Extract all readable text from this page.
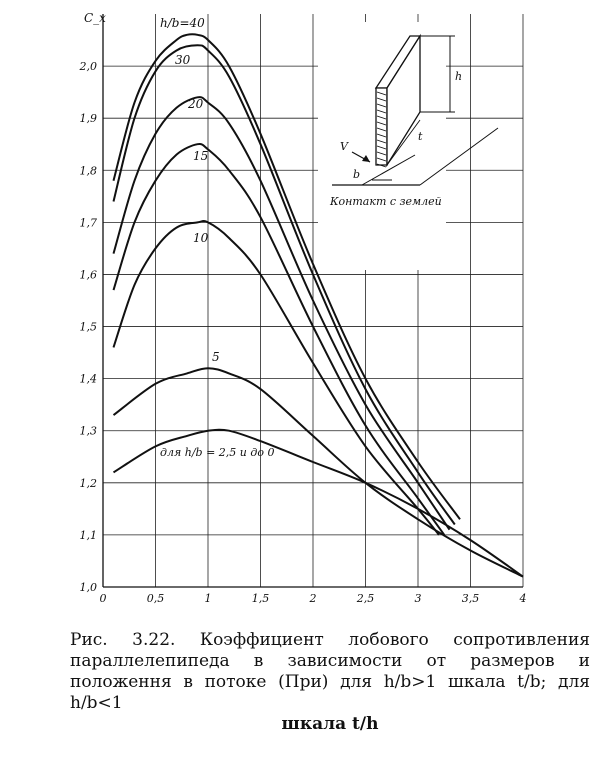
0	0,5	1	1,5	2	2,5	3	3,5	4
1,0
1,1
1,2
1,3
1,4
1,5
1,6
1,7
1,8
1,9
2,0
C_x	h/b=40
30
20
15
10
5
для h/b = 2,5 и до 0
V
h
t
b
Контакт с землей
Рис. 3.22. Коэффициент лобового сопротивления параллелепипеда в зависимости от размеров и положення в потоке (При) для h/b>1 шкала t/b; для h/b<1
шкала t/h
